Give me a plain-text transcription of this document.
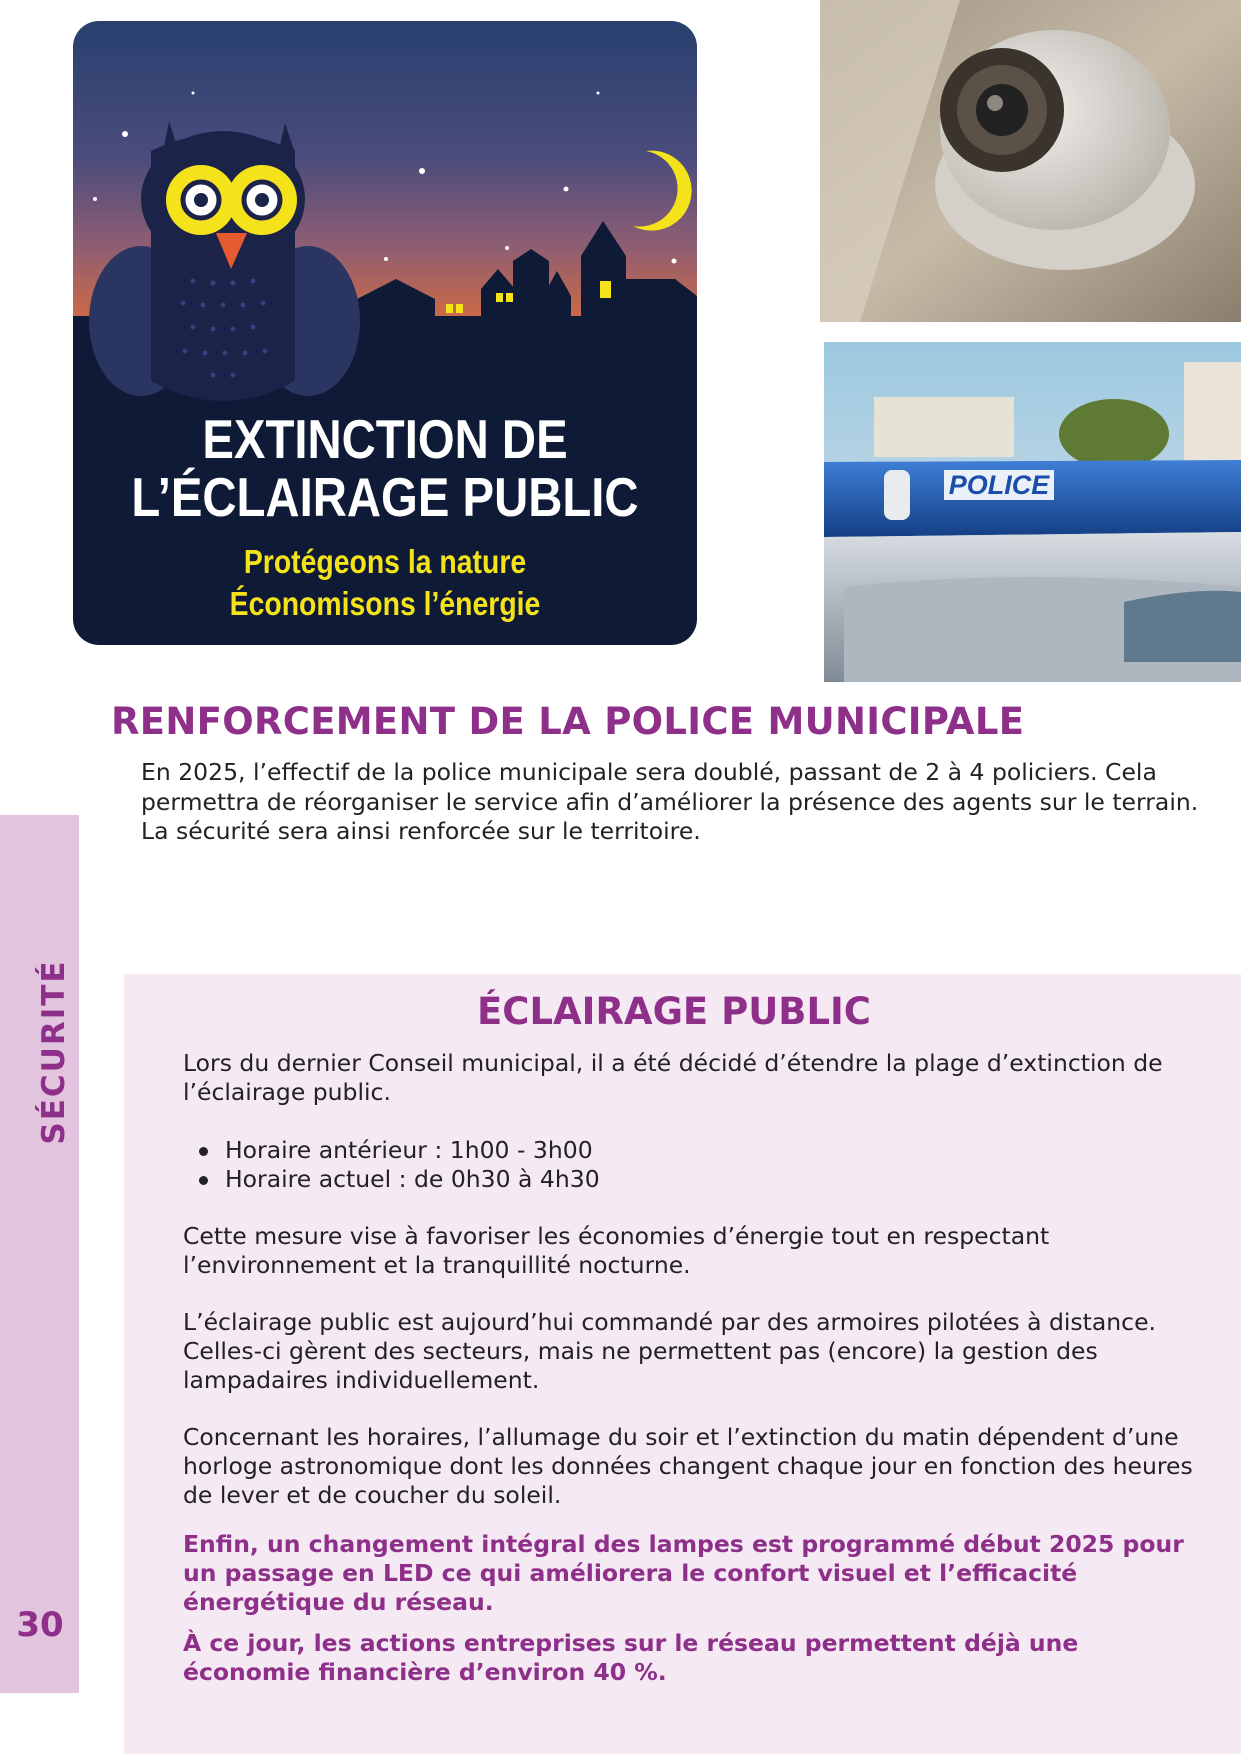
EXTINCTION DE
L’ÉCLAIRAGE PUBLIC
Protégeons la nature
Économisons l’énergie
POLICE
SÉCURITÉ
30
RENFORCEMENT DE LA POLICE MUNICIPALE

En 2025, l’effectif de la police municipale sera doublé, passant de 2 à 4 policiers. Cela permettra de réorganiser le service afin d’améliorer la présence des agents sur le terrain.

La sécurité sera ainsi renforcée sur le territoire.

ÉCLAIRAGE PUBLIC

Lors du dernier Conseil municipal, il a été décidé d’étendre la plage d’extinction de l’éclairage public.

Horaire antérieur : 1h00 - 3h00
Horaire actuel : de 0h30 à 4h30

Cette mesure vise à favoriser les économies d’énergie tout en respectant l’environnement et la tranquillité nocturne.

L’éclairage public est aujourd’hui commandé par des armoires pilotées à distance. Celles-ci gèrent des secteurs, mais ne permettent pas (encore) la gestion des lampadaires individuellement.

Concernant les horaires, l’allumage du soir et l’extinction du matin dépendent d’une horloge astronomique dont les données changent chaque jour en fonction des heures de lever et de coucher du soleil.

Enfin, un changement intégral des lampes est programmé début 2025 pour un passage en LED ce qui améliorera le confort visuel et l’efficacité énergétique du réseau.

À ce jour, les actions entreprises sur le réseau permettent déjà une économie financière d’environ 40 %.
